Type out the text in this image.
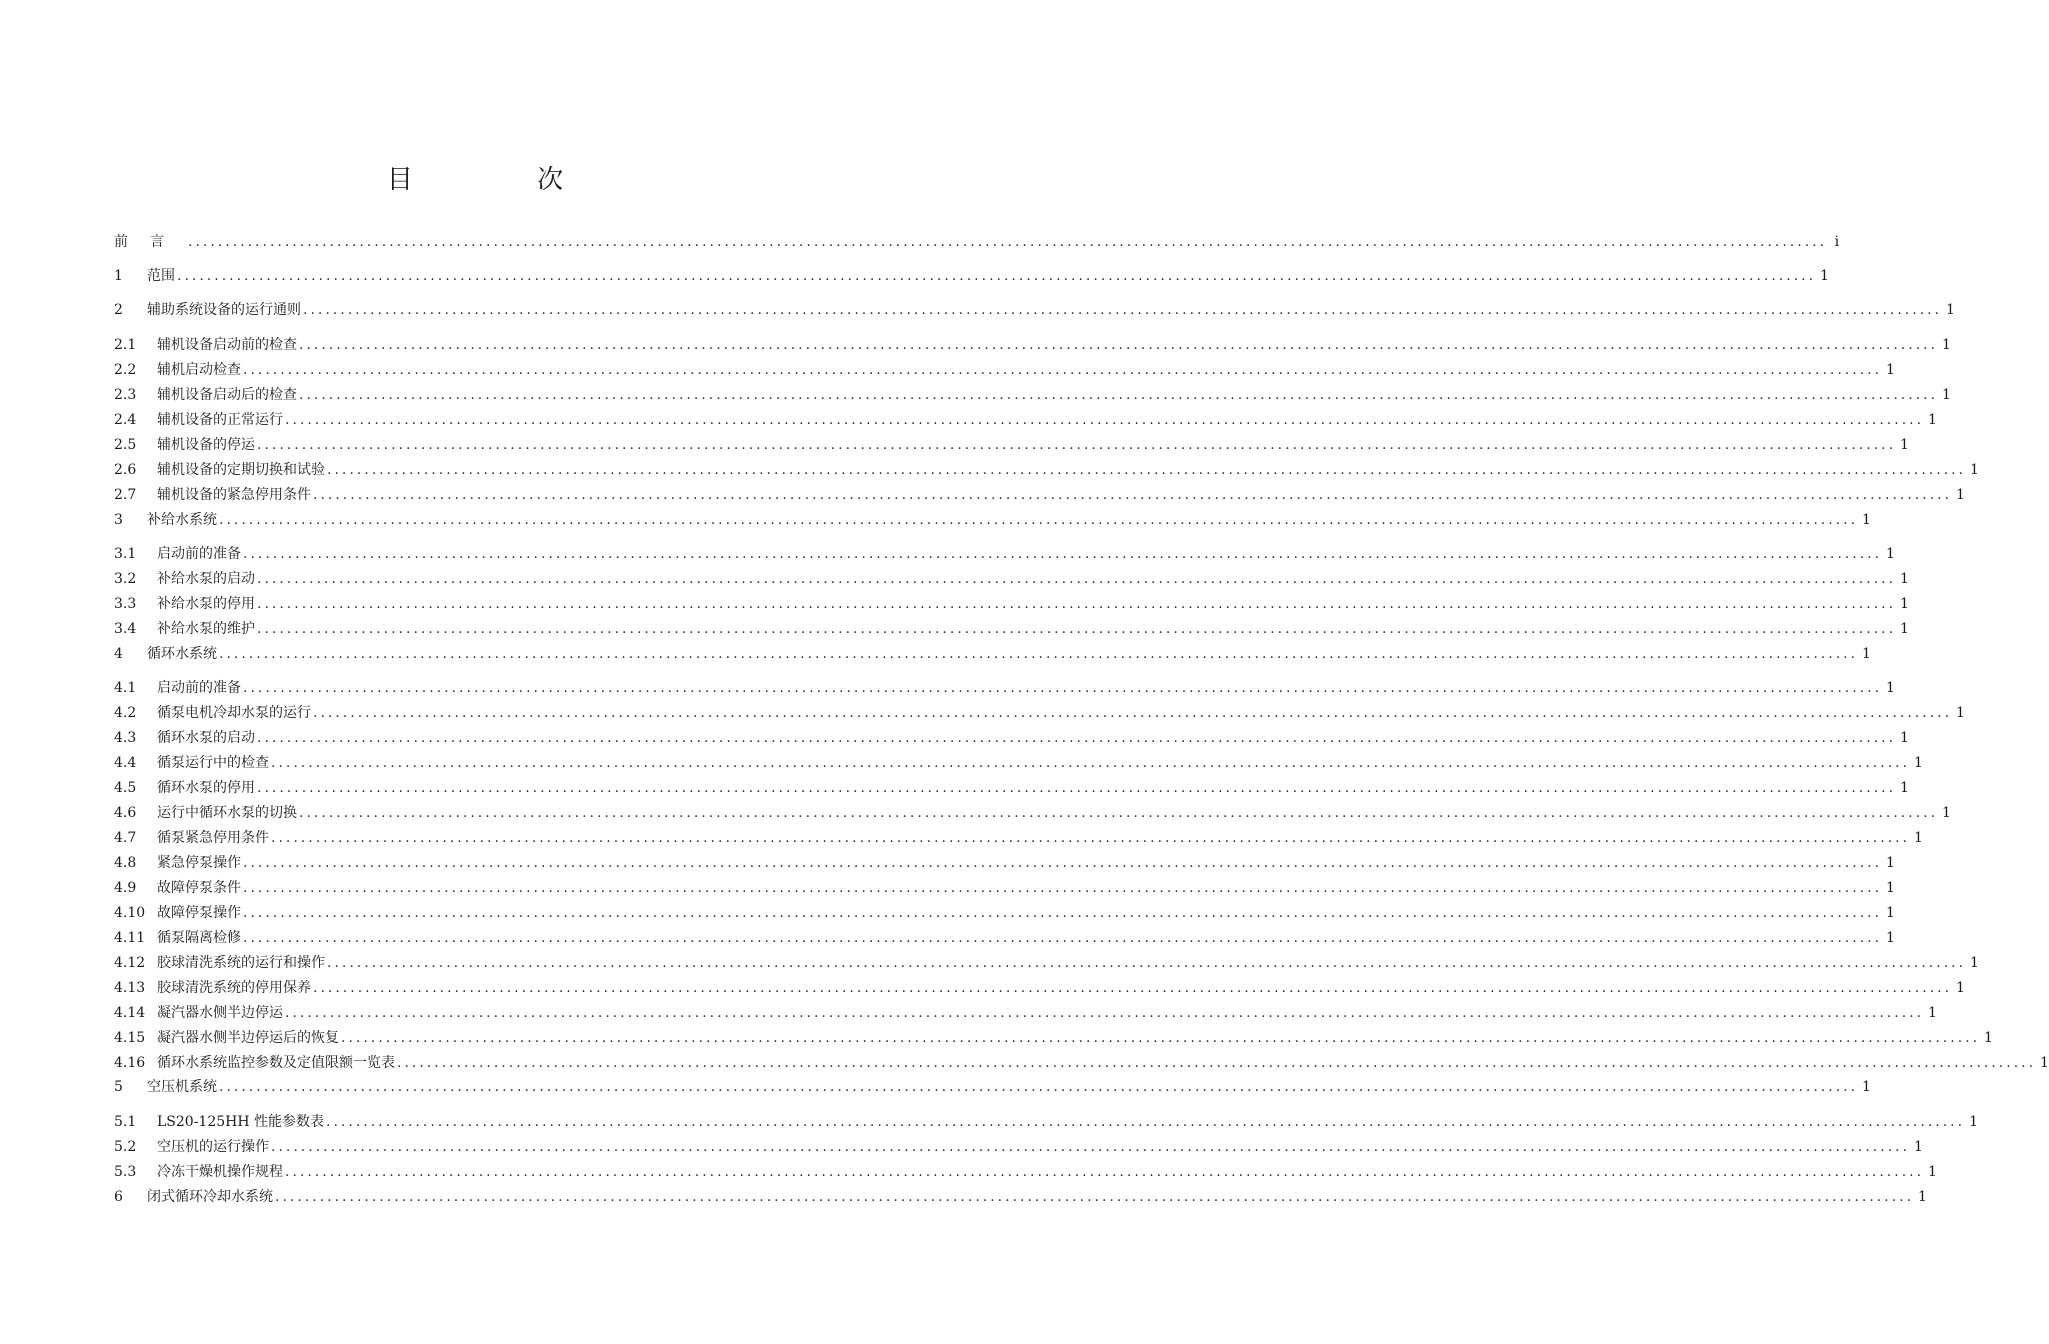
目 次
前言 ............................................................................................................................................................................................................................ i
1	范围 ............................................................................................................................................................................................................................ 1
2	辅助系统设备的运行通则 ............................................................................................................................................................................................................................ 1
2.1	辅机设备启动前的检查 ............................................................................................................................................................................................................................ 1
2.2	辅机启动检查 ............................................................................................................................................................................................................................ 1
2.3	辅机设备启动后的检查 ............................................................................................................................................................................................................................ 1
2.4	辅机设备的正常运行 ............................................................................................................................................................................................................................ 1
2.5	辅机设备的停运 ............................................................................................................................................................................................................................ 1
2.6	辅机设备的定期切换和试验 ............................................................................................................................................................................................................................ 1
2.7	辅机设备的紧急停用条件 ............................................................................................................................................................................................................................ 1
3	补给水系统 ............................................................................................................................................................................................................................ 1
3.1	启动前的准备 ............................................................................................................................................................................................................................ 1
3.2	补给水泵的启动 ............................................................................................................................................................................................................................ 1
3.3	补给水泵的停用 ............................................................................................................................................................................................................................ 1
3.4	补给水泵的维护 ............................................................................................................................................................................................................................ 1
4	循环水系统 ............................................................................................................................................................................................................................ 1
4.1	启动前的准备 ............................................................................................................................................................................................................................ 1
4.2	循泵电机冷却水泵的运行 ............................................................................................................................................................................................................................ 1
4.3	循环水泵的启动 ............................................................................................................................................................................................................................ 1
4.4	循泵运行中的检查 ............................................................................................................................................................................................................................ 1
4.5	循环水泵的停用 ............................................................................................................................................................................................................................ 1
4.6	运行中循环水泵的切换 ............................................................................................................................................................................................................................ 1
4.7	循泵紧急停用条件 ............................................................................................................................................................................................................................ 1
4.8	紧急停泵操作 ............................................................................................................................................................................................................................ 1
4.9	故障停泵条件 ............................................................................................................................................................................................................................ 1
4.10 故障停泵操作 ............................................................................................................................................................................................................................ 1
4.11 循泵隔离检修 ............................................................................................................................................................................................................................ 1
4.12 胶球清洗系统的运行和操作 ............................................................................................................................................................................................................................ 1
4.13 胶球清洗系统的停用保养 ............................................................................................................................................................................................................................ 1
4.14 凝汽器水侧半边停运 ............................................................................................................................................................................................................................ 1
4.15 凝汽器水侧半边停运后的恢复 ............................................................................................................................................................................................................................ 1
4.16 循环水系统监控参数及定值限额一览表 ............................................................................................................................................................................................................................ 1
5	空压机系统 ............................................................................................................................................................................................................................ 1
5.1	LS20-125HH 性能参数表 ............................................................................................................................................................................................................................ 1
5.2	空压机的运行操作 ............................................................................................................................................................................................................................ 1
5.3	冷冻干燥机操作规程 ............................................................................................................................................................................................................................ 1
6	闭式循环冷却水系统 ............................................................................................................................................................................................................................ 1
